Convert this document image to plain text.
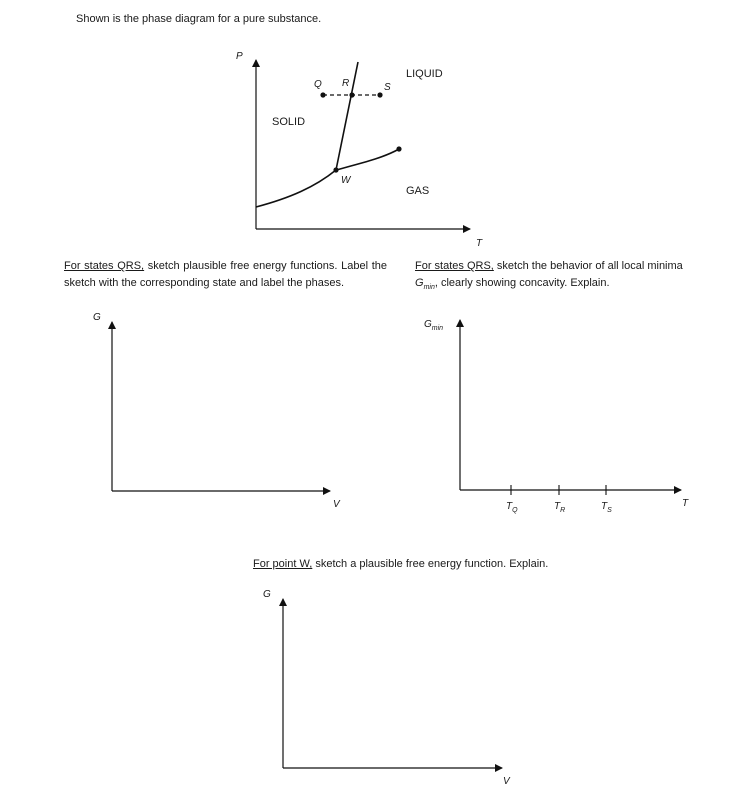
Shown is the phase diagram for a pure substance.
P
T
SOLID
LIQUID
GAS
Q R	S
W
For states QRS, sketch plausible free energy functions. Label the sketch with the corresponding state and label the phases.
G
V
For states QRS, sketch the behavior of all local minima
$G_{min}$, clearly showing concavity. Explain.
$G_{min}$
T
$T_Q$	$T_R$	$T_S$
For point W, sketch a plausible free energy function. Explain.
G
V
